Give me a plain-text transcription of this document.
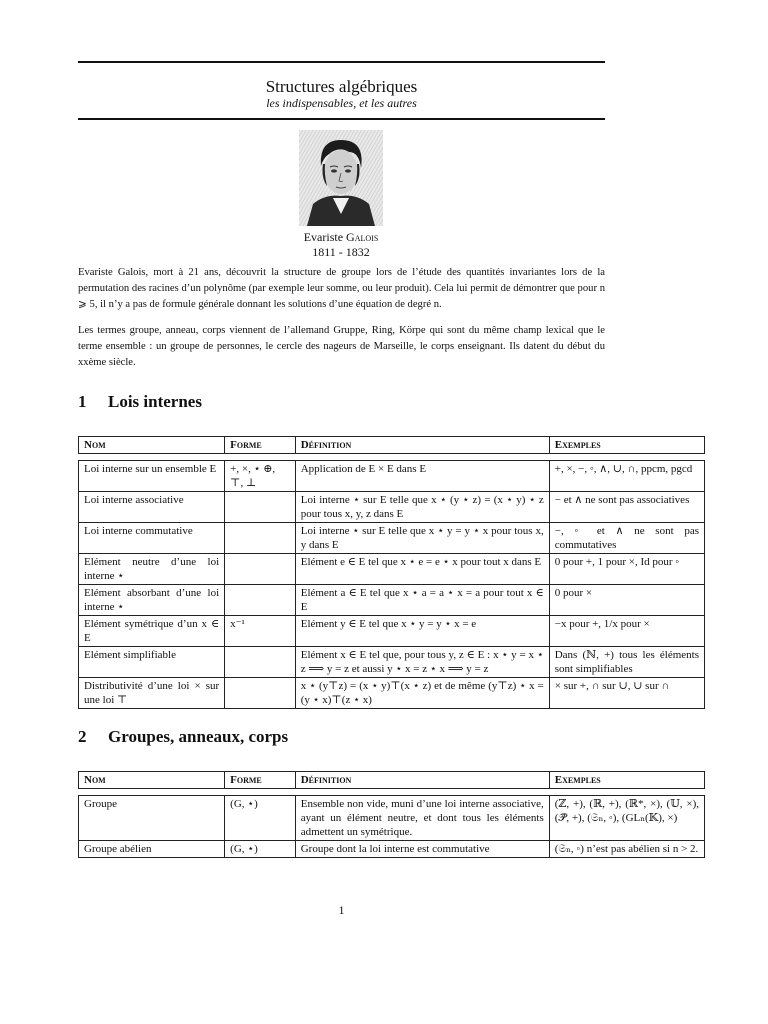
Structures algébriques
les indispensables, et les autres
Evariste Galois
1811 - 1832

Evariste Galois, mort à 21 ans, découvrit la structure de groupe lors de l’étude des quantités invariantes lors de la permutation des racines d’un polynôme (par exemple leur somme, ou leur produit). Cela lui permit de démontrer que pour n ⩾ 5, il n’y a pas de formule générale donnant les solutions d’une équation de degré n.

Les termes groupe, anneau, corps viennent de l’allemand Gruppe, Ring, Körpe qui sont du même champ lexical que le terme ensemble : un groupe de personnes, le cercle des nageurs de Marseille, le corps enseignant. Ils datent du début du xxème siècle.

1 Lois internes
Nom	Forme	Définition	Exemples

Loi interne sur un ensemble E	+, ×, ⋆ ⊕, ⊤, ⊥	Application de E × E dans E	+, ×, −, ◦, ∧, ∪, ∩, ppcm, pgcd
Loi interne associative		Loi interne ⋆ sur E telle que x ⋆ (y ⋆ z) = (x ⋆ y) ⋆ z pour tous x, y, z dans E	− et ∧ ne sont pas associatives
Loi interne commutative		Loi interne ⋆ sur E telle que x ⋆ y = y ⋆ x pour tous x, y dans E	−, ◦ et ∧ ne sont pas commutatives
Elément neutre d’une loi interne ⋆		Elément e ∈ E tel que x ⋆ e = e ⋆ x pour tout x dans E	0 pour +, 1 pour ×, Id pour ◦
Elément absorbant d’une loi interne ⋆		Elément a ∈ E tel que x ⋆ a = a ⋆ x = a pour tout x ∈ E	0 pour ×
Elément symétrique d’un x ∈ E	x⁻¹	Elément y ∈ E tel que x ⋆ y = y ⋆ x = e	−x pour +, 1/x pour ×
Elément simplifiable		Elément x ∈ E tel que, pour tous y, z ∈ E : x ⋆ y = x ⋆ z ⟹ y = z et aussi y ⋆ x = z ⋆ x ⟹ y = z	Dans (ℕ, +) tous les éléments sont simplifiables
Distributivité d’une loi × sur une loi ⊤		x ⋆ (y⊤z) = (x ⋆ y)⊤(x ⋆ z) et de même (y⊤z) ⋆ x = (y ⋆ x)⊤(z ⋆ x)	× sur +, ∩ sur ∪, ∪ sur ∩
2 Groupes, anneaux, corps
Nom	Forme	Définition	Exemples

Groupe	(G, ⋆)	Ensemble non vide, muni d’une loi interne associative, ayant un élément neutre, et dont tous les éléments admettent un symétrique.	(ℤ, +), (ℝ, +), (ℝ*, ×), (𝕌, ×), (𝒫⃗, +), (𝔖ₙ, ◦), (GLₙ(𝕂), ×)
Groupe abélien	(G, ⋆)	Groupe dont la loi interne est commutative	(𝔖ₙ, ◦) n’est pas abélien si n > 2.
1
